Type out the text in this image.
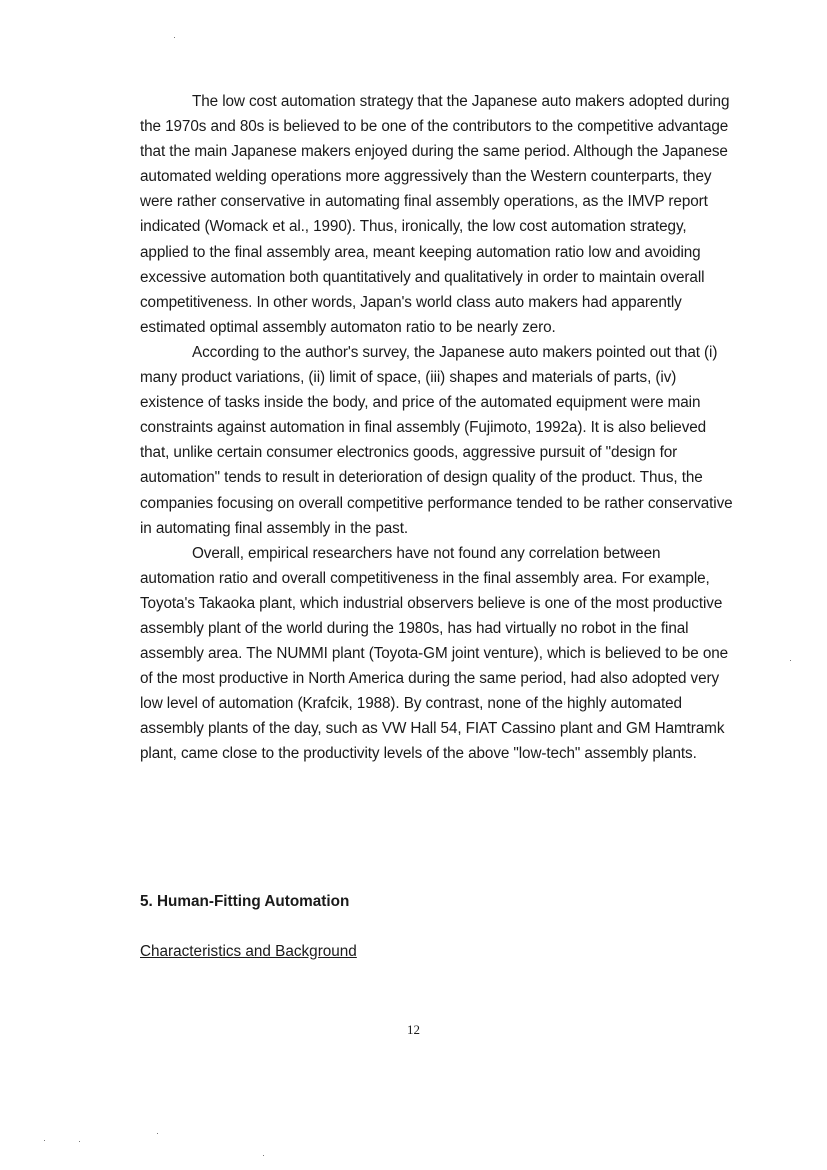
The low cost automation strategy that the Japanese auto makers adopted during the 1970s and 80s is believed to be one of the contributors to the competitive advantage that the main Japanese makers enjoyed during the same period. Although the Japanese automated welding operations more aggressively than the Western counterparts, they were rather conservative in automating final assembly operations, as the IMVP report indicated (Womack et al., 1990). Thus, ironically, the low cost automation strategy, applied to the final assembly area, meant keeping automation ratio low and avoiding excessive automation both quantitatively and qualitatively in order to maintain overall competitiveness. In other words, Japan's world class auto makers had apparently estimated optimal assembly automaton ratio to be nearly zero.

According to the author's survey, the Japanese auto makers pointed out that (i) many product variations, (ii) limit of space, (iii) shapes and materials of parts, (iv) existence of tasks inside the body, and price of the automated equipment were main constraints against automation in final assembly (Fujimoto, 1992a). It is also believed that, unlike certain consumer electronics goods, aggressive pursuit of "design for automation" tends to result in deterioration of design quality of the product. Thus, the companies focusing on overall competitive performance tended to be rather conservative in automating final assembly in the past.

Overall, empirical researchers have not found any correlation between automation ratio and overall competitiveness in the final assembly area. For example, Toyota's Takaoka plant, which industrial observers believe is one of the most productive assembly plant of the world during the 1980s, has had virtually no robot in the final assembly area. The NUMMI plant (Toyota-GM joint venture), which is believed to be one of the most productive in North America during the same period, had also adopted very low level of automation (Krafcik, 1988). By contrast, none of the highly automated assembly plants of the day, such as VW Hall 54, FIAT Cassino plant and GM Hamtramk plant, came close to the productivity levels of the above "low-tech" assembly plants.

5. Human-Fitting Automation

Characteristics and Background

12
